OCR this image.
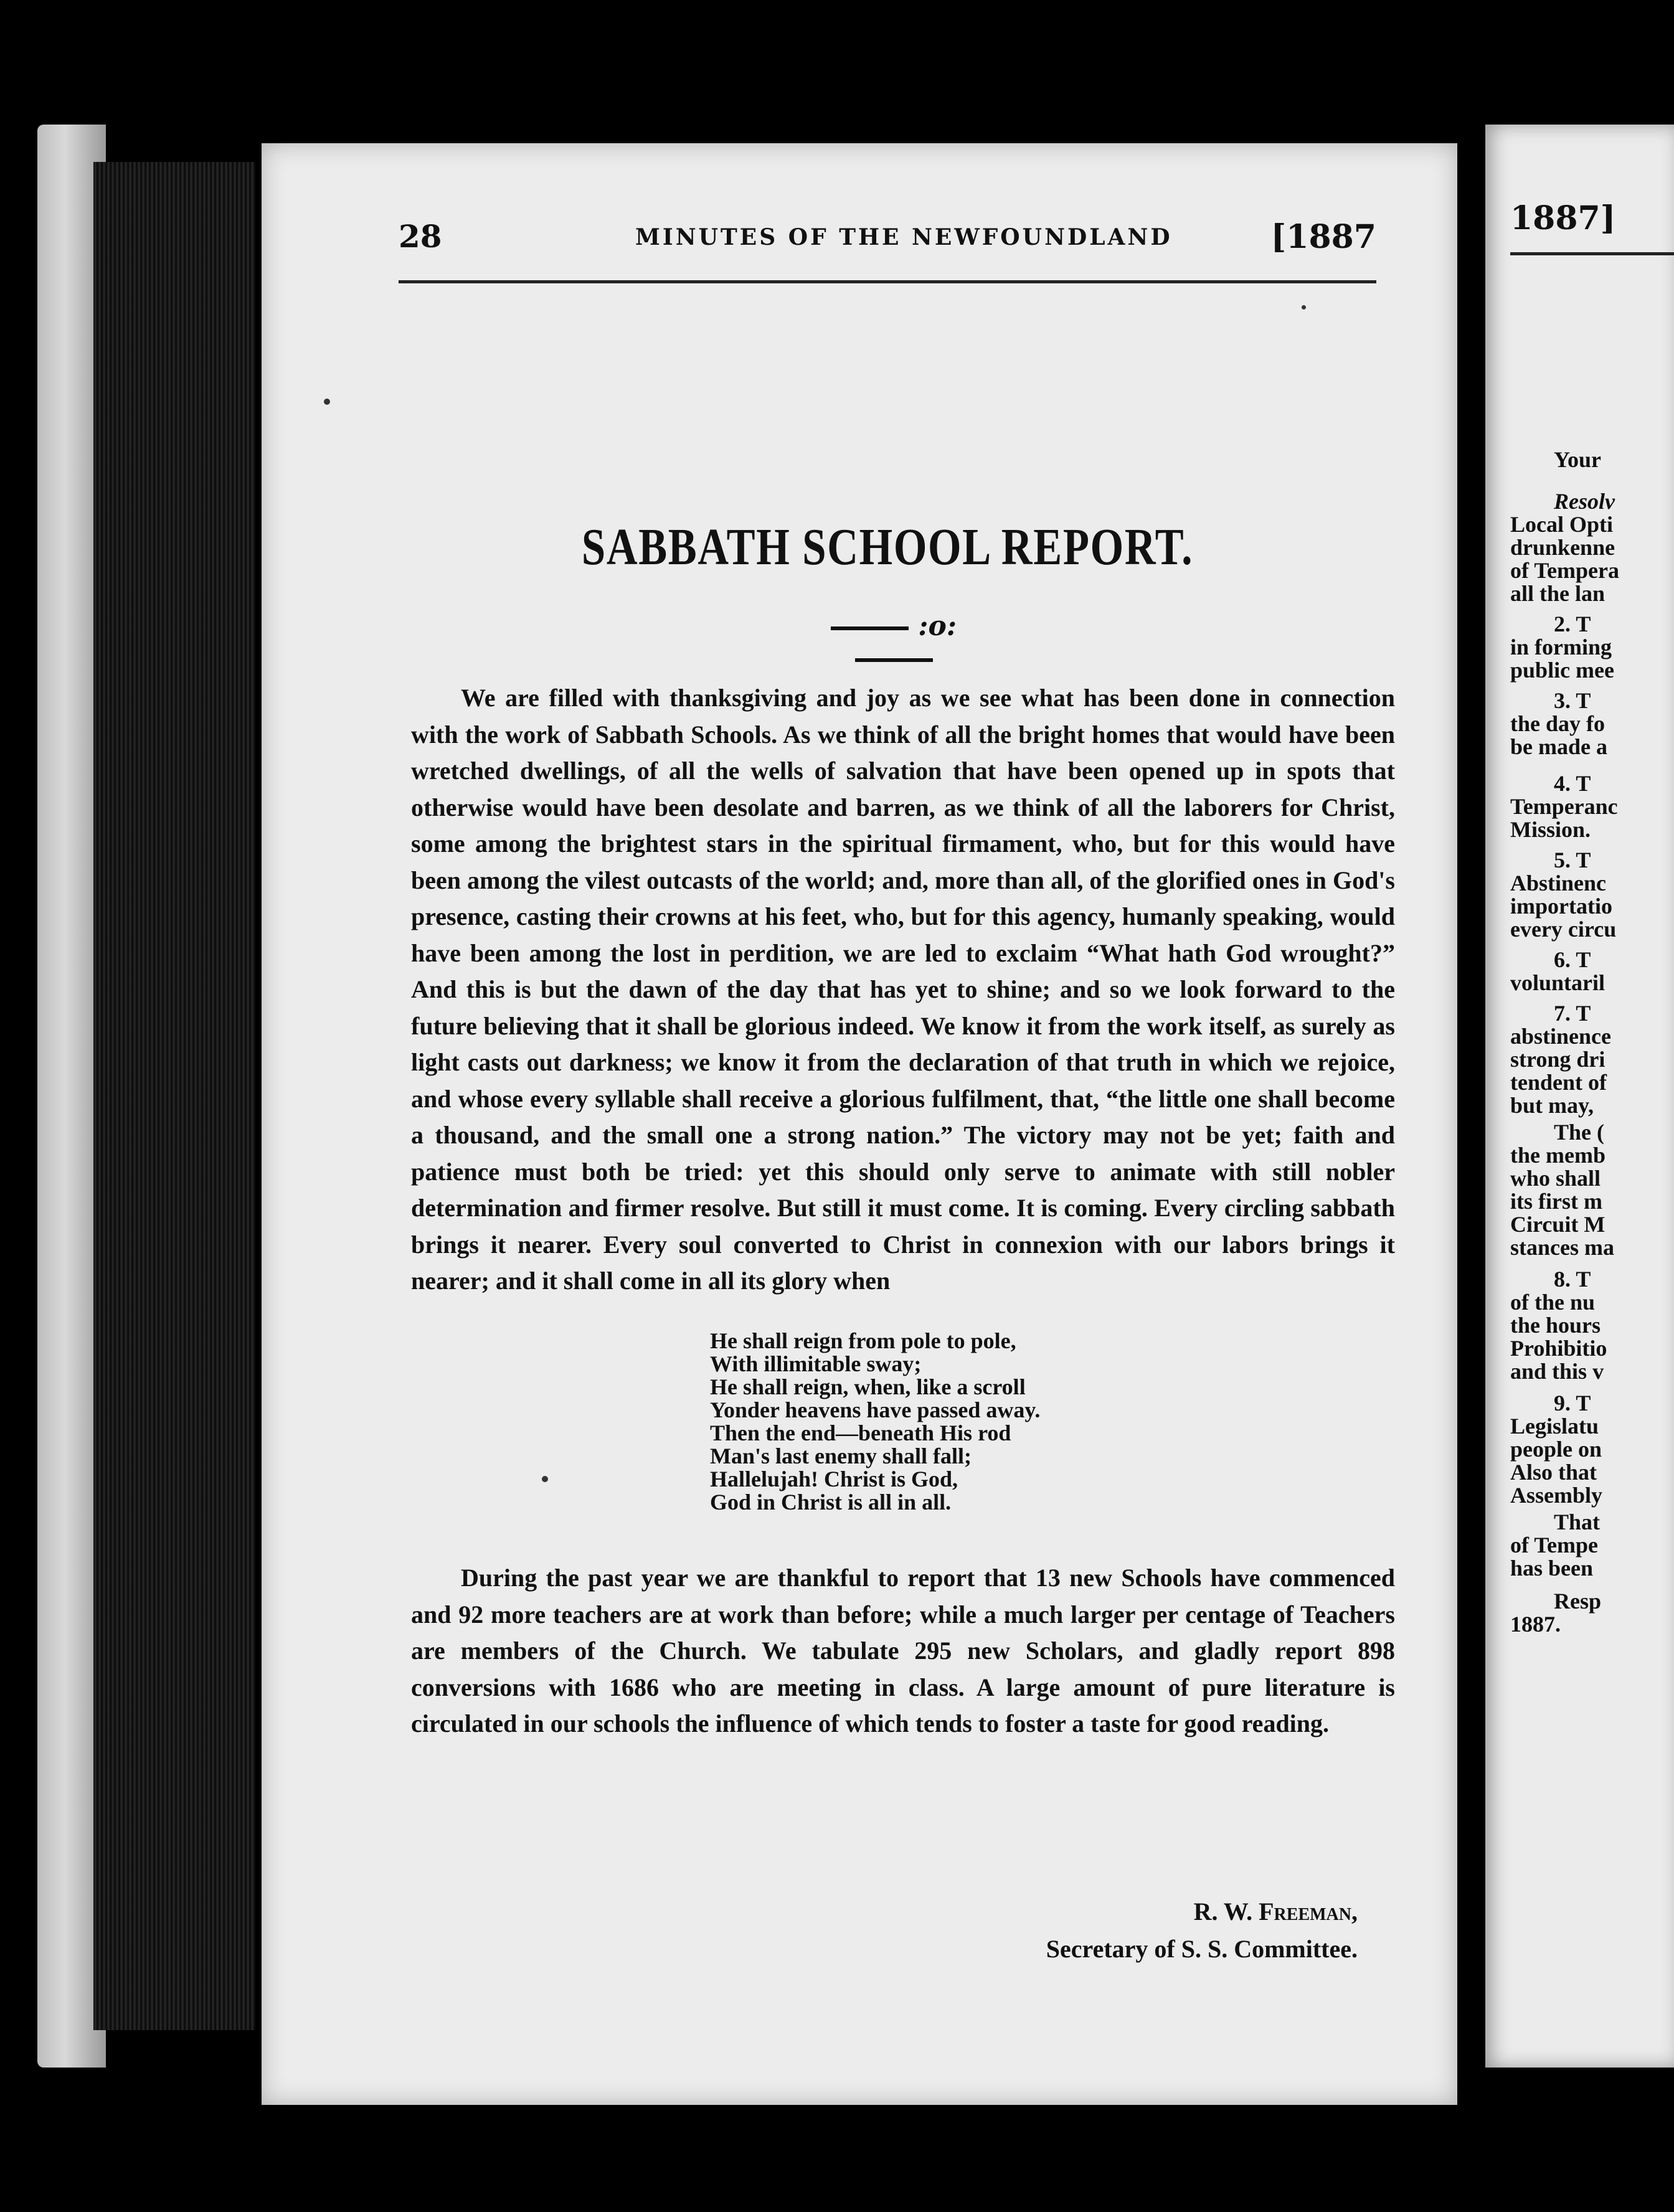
28	MINUTES OF THE NEWFOUNDLAND	[1887
SABBATH SCHOOL REPORT.
:o:

We are filled with thanksgiving and joy as we see what has been done in connection with the work of Sabbath Schools. As we think of all the bright homes that would have been wretched dwellings, of all the wells of salvation that have been opened up in spots that otherwise would have been desolate and barren, as we think of all the laborers for Christ, some among the brightest stars in the spiritual firmament, who, but for this would have been among the vilest outcasts of the world; and, more than all, of the glorified ones in God's presence, casting their crowns at his feet, who, but for this agency, humanly speaking, would have been among the lost in perdition, we are led to exclaim “What hath God wrought?” And this is but the dawn of the day that has yet to shine; and so we look forward to the future believing that it shall be glorious indeed. We know it from the work itself, as surely as light casts out darkness; we know it from the declaration of that truth in which we rejoice, and whose every syllable shall receive a glorious fulfilment, that, “the little one shall become a thousand, and the small one a strong nation.” The victory may not be yet; faith and patience must both be tried: yet this should only serve to animate with still nobler determination and firmer resolve. But still it must come. It is coming. Every circling sabbath brings it nearer. Every soul converted to Christ in connexion with our labors brings it nearer; and it shall come in all its glory when

He shall reign from pole to pole,
With illimitable sway;
He shall reign, when, like a scroll
Yonder heavens have passed away.
Then the end—beneath His rod
Man's last enemy shall fall;
Hallelujah! Christ is God,
God in Christ is all in all.

During the past year we are thankful to report that 13 new Schools have commenced and 92 more teachers are at work than before; while a much larger per centage of Teachers are members of the Church. We tabulate 295 new Scholars, and gladly report 898 conversions with 1686 who are meeting in class. A large amount of pure literature is circulated in our schools the influence of which tends to foster a taste for good reading.

R. W. Freeman,
Secretary of S. S. Committee.
1887]
Your
Resolv
Local Opti
drunkenne
of Tempera
all the lan
2. T
in forming
public mee
3. T
the day fo
be made a
4. T
Temperanc
Mission.
5. T
Abstinenc
importatio
every circu
6. T
voluntaril
7. T
abstinence
strong dri
tendent of
but may,
The (
the memb
who shall
its first m
Circuit M
stances ma
8. T
of the nu
the hours
Prohibitio
and this v
9. T
Legislatu
people on
Also that
Assembly
That
of Tempe
has been
Resp
1887.
